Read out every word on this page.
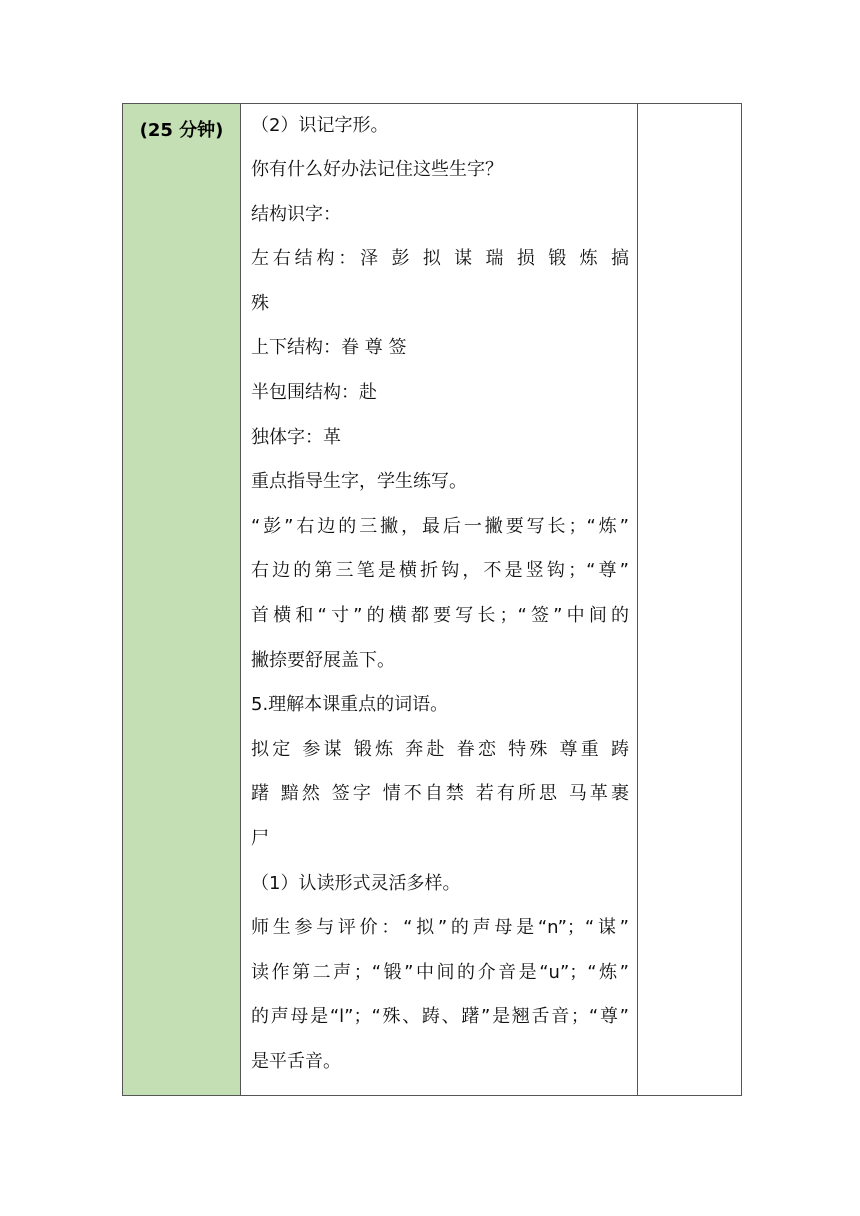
(25 分钟)	（2）识记字形。
你有什么好办法记住这些生字？
结构识字：
左右结构：泽 彭 拟 谋 瑞 损 锻 炼 搞
殊
上下结构：眷 尊 签
半包围结构：赴
独体字：革
重点指导生字，学生练写。
“彭”右边的三撇，最后一撇要写长；“炼”
右边的第三笔是横折钩，不是竖钩；“尊”
首横和“寸”的横都要写长；“签”中间的
撇捺要舒展盖下。
5.理解本课重点的词语。
拟定 参谋 锻炼 奔赴 眷恋 特殊 尊重 踌
躇 黯然 签字 情不自禁 若有所思 马革裹
尸
（1）认读形式灵活多样。
师生参与评价：“拟”的声母是“n”；“谋”
读作第二声；“锻”中间的介音是“u”；“炼”
的声母是“l”；“殊、踌、躇”是翘舌音；“尊”
是平舌音。
